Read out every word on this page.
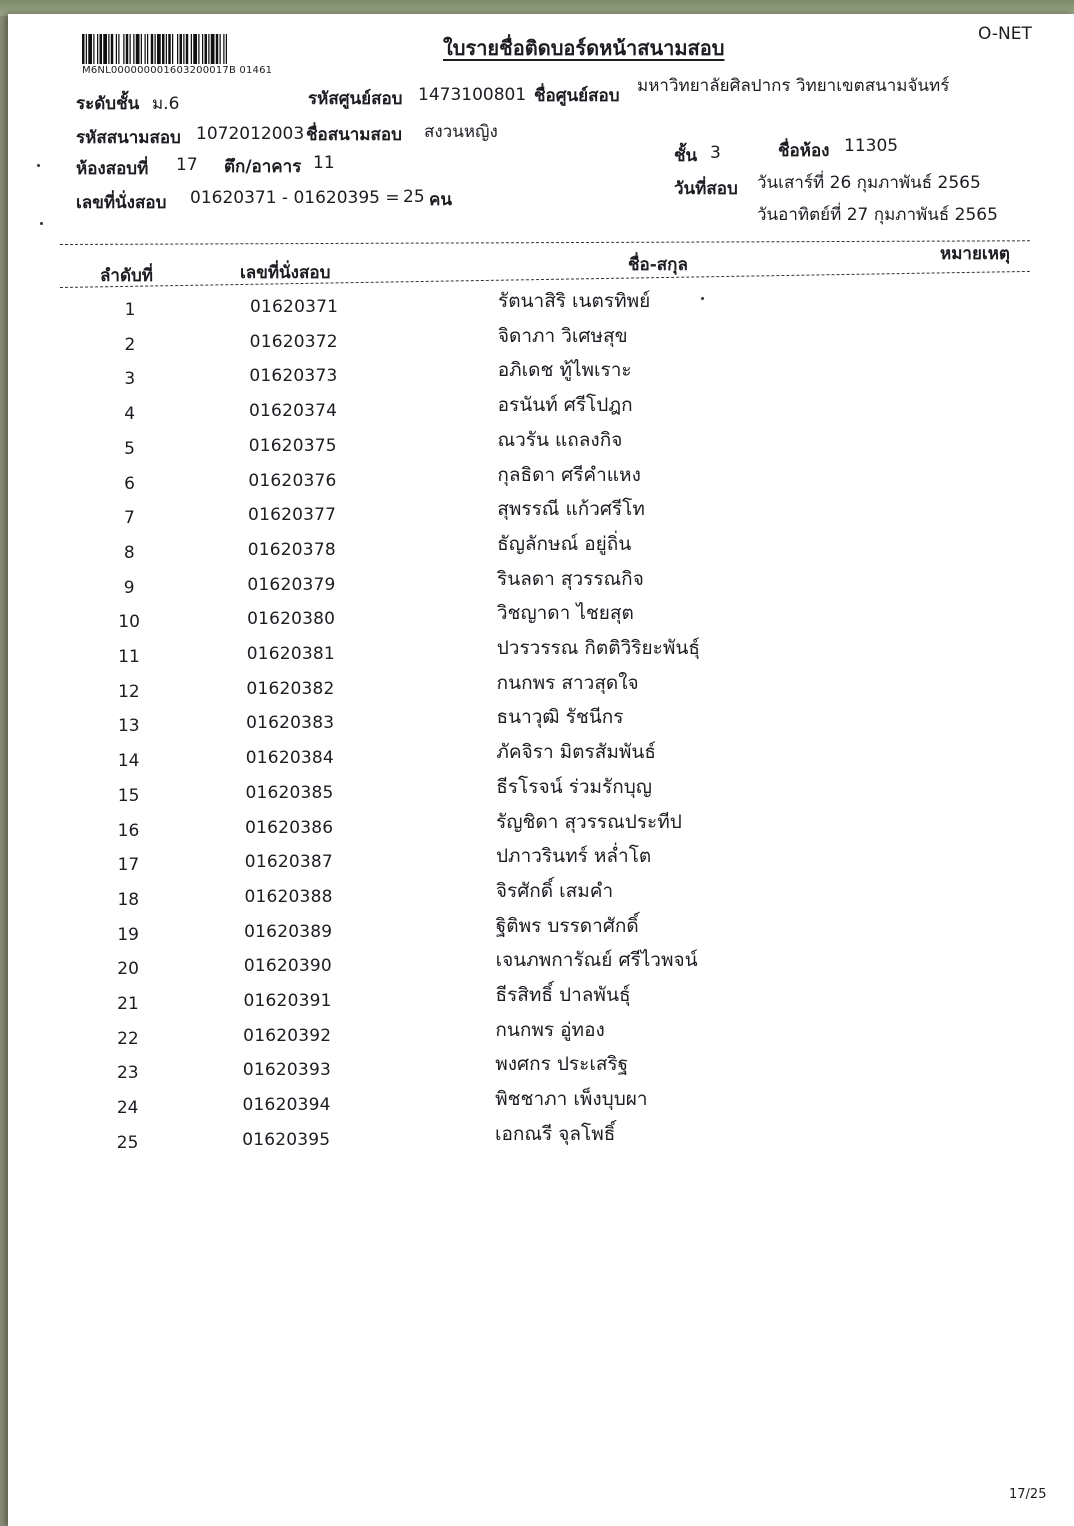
M6NL000000001603200017B 01461
ใบรายชื่อติดบอร์ดหน้าสนามสอบ
O-NET
ระดับชั้น ม.6	รหัสศูนย์สอบ 1473100801 ชื่อศูนย์สอบ มหาวิทยาลัยศิลปากร วิทยาเขตสนามจันทร์
รหัสสนามสอบ 1072012003 ชื่อสนามสอบ สงวนหญิง
ชั้น 3	ชื่อห้อง 11305
ห้องสอบที่ 17 ตึก/อาคาร 11
วันที่สอบ วันเสาร์ที่ 26 กุมภาพันธ์ 2565
วันอาทิตย์ที่ 27 กุมภาพันธ์ 2565
เลขที่นั่งสอบ 01620371 - 01620395 = 25 คน
ลำดับที่	เลขที่นั่งสอบ	ชื่อ-สกุล
หมายเหตุ
1	01620371	รัตนาสิริ เนตรทิพย์
2	01620372	จิดาภา วิเศษสุข
3	01620373	อภิเดช ทู้ไพเราะ
4	01620374	อรนันท์ ศรีโปฎก
5	01620375	ณวรัน แถลงกิจ
6	01620376	กุลธิดา ศรีคำแหง
7	01620377	สุพรรณี แก้วศรีโท
8	01620378	ธัญลักษณ์ อยู่ถิ่น
9	01620379	รินลดา สุวรรณกิจ
10	01620380	วิชญาดา ไชยสุต
11	01620381	ปวรวรรณ กิตติวิริยะพันธุ์
12	01620382	กนกพร สาวสุดใจ
13	01620383	ธนาวุฒิ รัชนีกร
14	01620384	ภัคจิรา มิตรสัมพันธ์
15	01620385	ธีรโรจน์ ร่วมรักบุญ
16	01620386	รัญชิดา สุวรรณประทีป
17	01620387	ปภาวรินทร์ หล่ำโต
18	01620388	จิรศักดิ์ เสมคำ
19	01620389	ฐิติพร บรรดาศักดิ์
20	01620390	เจนภพการัณย์ ศรีไวพจน์
21	01620391	ธีรสิทธิ์ ปาลพันธุ์
22	01620392	กนกพร อู่ทอง
23	01620393	พงศกร ประเสริฐ
24	01620394	พิชชาภา เพ็งบุบผา
25	01620395	เอกณรี จุลโพธิ์
17/25
